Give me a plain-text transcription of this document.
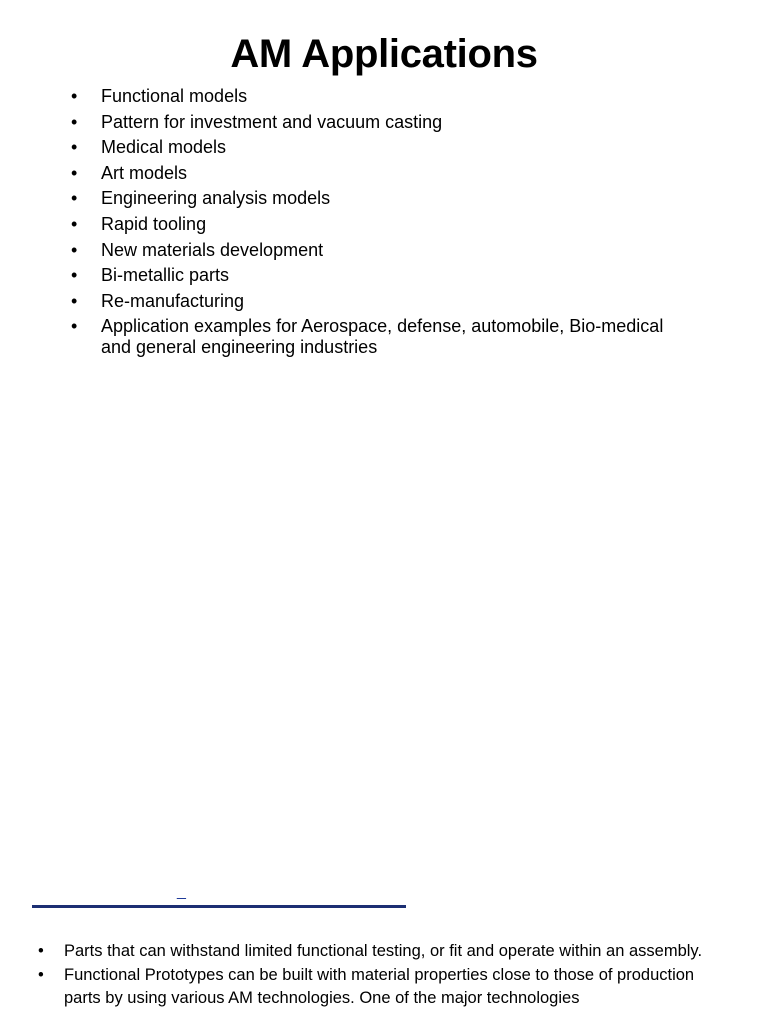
AM Applications
• Functional models
• Pattern for investment and vacuum casting
• Medical models
• Art models
• Engineering analysis models
• Rapid tooling
• New materials development
• Bi-metallic parts
• Re-manufacturing
• Application examples for Aerospace, defense, automobile, Bio-medical and general engineering industries
_
• Parts that can withstand limited functional testing, or fit and operate within an assembly.
• Functional Prototypes can be built with material properties close to those of production parts by using various AM technologies. One of the major technologies
